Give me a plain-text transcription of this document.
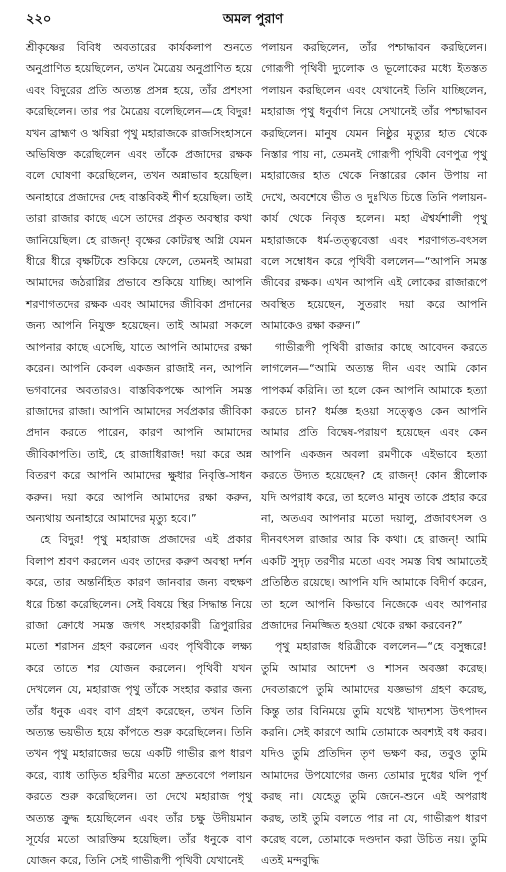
২২০	অমল পুরাণ

শ্রীকৃষ্ণের বিবিধ অবতারের কার্যকলাপ শুনতে অনুপ্রাণিত হয়েছিলেন, তখন মৈত্রেয় অনুপ্রাণিত হয়ে এবং বিদুরের প্রতি অত্যন্ত প্রসন্ন হয়ে, তাঁর প্রশংসা করেছিলেন। তার পর মৈত্রেয় বলেছিলেন—হে বিদুর! যখন ব্রাহ্মণ ও ঋষিরা পৃথু মহারাজকে রাজসিংহাসনে অভিষিক্ত করেছিলেন এবং তাঁকে প্রজাদের রক্ষক বলে ঘোষণা করেছিলেন, তখন অন্নাভাব হয়েছিল। অনাহারে প্রজাদের দেহ বাস্তবিকই শীর্ণ হয়েছিল। তাই তারা রাজার কাছে এসে তাদের প্রকৃত অবস্থার কথা জানিয়েছিল। হে রাজন্! বৃক্ষের কোটরস্থ অগ্নি যেমন ধীরে ধীরে বৃক্ষটিকে শুকিয়ে ফেলে, তেমনই আমরা আমাদের জঠরাগ্নির প্রভাবে শুকিয়ে যাচ্ছি। আপনি শরণাগতদের রক্ষক এবং আমাদের জীবিকা প্রদানের জন্য আপনি নিযুক্ত হয়েছেন। তাই আমরা সকলে আপনার কাছে এসেছি, যাতে আপনি আমাদের রক্ষা করেন। আপনি কেবল একজন রাজাই নন, আপনি ভগবানের অবতারও। বাস্তবিকপক্ষে আপনি সমস্ত রাজাদের রাজা। আপনি আমাদের সর্বপ্রকার জীবিকা প্রদান করতে পারেন, কারণ আপনি আমাদের জীবিকাপতি। তাই, হে রাজাধিরাজ! দয়া করে অন্ন বিতরণ করে আপনি আমাদের ক্ষুধার নিবৃত্তি-সাধন করুন। দয়া করে আপনি আমাদের রক্ষা করুন, অন্যথায় অনাহারে আমাদের মৃত্যু হবে।”

হে বিদুর! পৃথু মহারাজ প্রজাদের এই প্রকার বিলাপ শ্রবণ করলেন এবং তাদের করুণ অবস্থা দর্শন করে, তার অন্তর্নিহিত কারণ জানবার জন্য বহুক্ষণ ধরে চিন্তা করেছিলেন। সেই বিষয়ে স্থির সিদ্ধান্ত নিয়ে রাজা ক্রোধে সমস্ত জগৎ সংহারকারী ত্রিপুরারির মতো শরাসন গ্রহণ করলেন এবং পৃথিবীকে লক্ষ্য করে তাতে শর যোজন করলেন। পৃথিবী যখন দেখলেন যে, মহারাজ পৃথু তাঁকে সংহার করার জন্য তাঁর ধনুক এবং বাণ গ্রহণ করেছেন, তখন তিনি অত্যন্ত ভয়ভীত হয়ে কাঁপতে শুরু করেছিলেন। তিনি তখন পৃথু মহারাজের ভয়ে একটি গাভীর রূপ ধারণ করে, ব্যাধ তাড়িত হরিণীর মতো দ্রুতবেগে পলায়ন করতে শুরু করেছিলেন। তা দেখে মহারাজ পৃথু অত্যন্ত ক্রুদ্ধ হয়েছিলেন এবং তাঁর চক্ষু উদীয়মান সূর্যের মতো আরক্তিম হয়েছিল। তাঁর ধনুকে বাণ যোজন করে, তিনি সেই গাভীরূপী পৃথিবী যেখানেই

পলায়ন করছিলেন, তাঁর পশ্চাদ্ধাবন করছিলেন। গোরূপী পৃথিবী দ্যুলোক ও ভূলোকের মধ্যে ইতস্তত পলায়ন করছিলেন এবং যেখানেই তিনি যাচ্ছিলেন, মহারাজ পৃথু ধনুর্বাণ নিয়ে সেখানেই তাঁর পশ্চাদ্ধাবন করছিলেন। মানুষ যেমন নিষ্ঠুর মৃত্যুর হাত থেকে নিস্তার পায় না, তেমনই গোরূপী পৃথিবী বেণপুত্র পৃথু মহারাজের হাত থেকে নিস্তারের কোন উপায় না দেখে, অবশেষে ভীত ও দুঃখিত চিত্তে তিনি পলায়ন-কার্য থেকে নিবৃত্ত হলেন। মহা ঐশ্বর্যশালী পৃথু মহারাজকে ধর্ম-তত্ত্ববেত্তা এবং শরণাগত-বৎসল বলে সম্বোধন করে পৃথিবী বললেন—“আপনি সমস্ত জীবের রক্ষক। এখন আপনি এই লোকের রাজারূপে অবস্থিত হয়েছেন, সুতরাং দয়া করে আপনি আমাকেও রক্ষা করুন।”

গাভীরূপী পৃথিবী রাজার কাছে আবেদন করতে লাগলেন—“আমি অত্যন্ত দীন এবং আমি কোন পাপকর্ম করিনি। তা হলে কেন আপনি আমাকে হত্যা করতে চান? ধর্মজ্ঞ হওয়া সত্ত্বেও কেন আপনি আমার প্রতি বিদ্বেষ-পরায়ণ হয়েছেন এবং কেন আপনি একজন অবলা রমণীকে এইভাবে হত্যা করতে উদ্যত হয়েছেন? হে রাজন্! কোন স্ত্রীলোক যদি অপরাধ করে, তা হলেও মানুষ তাকে প্রহার করে না, অতএব আপনার মতো দয়ালু, প্রজাবৎসল ও দীনবৎসল রাজার আর কি কথা। হে রাজন্! আমি একটি সুদৃঢ় তরণীর মতো এবং সমস্ত বিশ্ব আমাতেই প্রতিষ্ঠিত রয়েছে। আপনি যদি আমাকে বিদীর্ণ করেন, তা হলে আপনি কিভাবে নিজেকে এবং আপনার প্রজাদের নিমজ্জিত হওয়া থেকে রক্ষা করবেন?”

পৃথু মহারাজ ধরিত্রীকে বললেন—“হে বসুন্ধরে! তুমি আমার আদেশ ও শাসন অবজ্ঞা করেছ। দেবতারূপে তুমি আমাদের যজ্ঞভাগ গ্রহণ করেছ, কিন্তু তার বিনিময়ে তুমি যথেষ্ট খাদ্যশস্য উৎপাদন করনি। সেই কারণে আমি তোমাকে অবশ্যই বধ করব। যদিও তুমি প্রতিদিন তৃণ ভক্ষণ কর, তবুও তুমি আমাদের উপযোগের জন্য তোমার দুধের থলি পূর্ণ করছ না। যেহেতু তুমি জেনে-শুনে এই অপরাধ করছ, তাই তুমি বলতে পার না যে, গাভীরূপ ধারণ করেছ বলে, তোমাকে দণ্ডদান করা উচিত নয়। তুমি এতই মন্দবুদ্ধি
